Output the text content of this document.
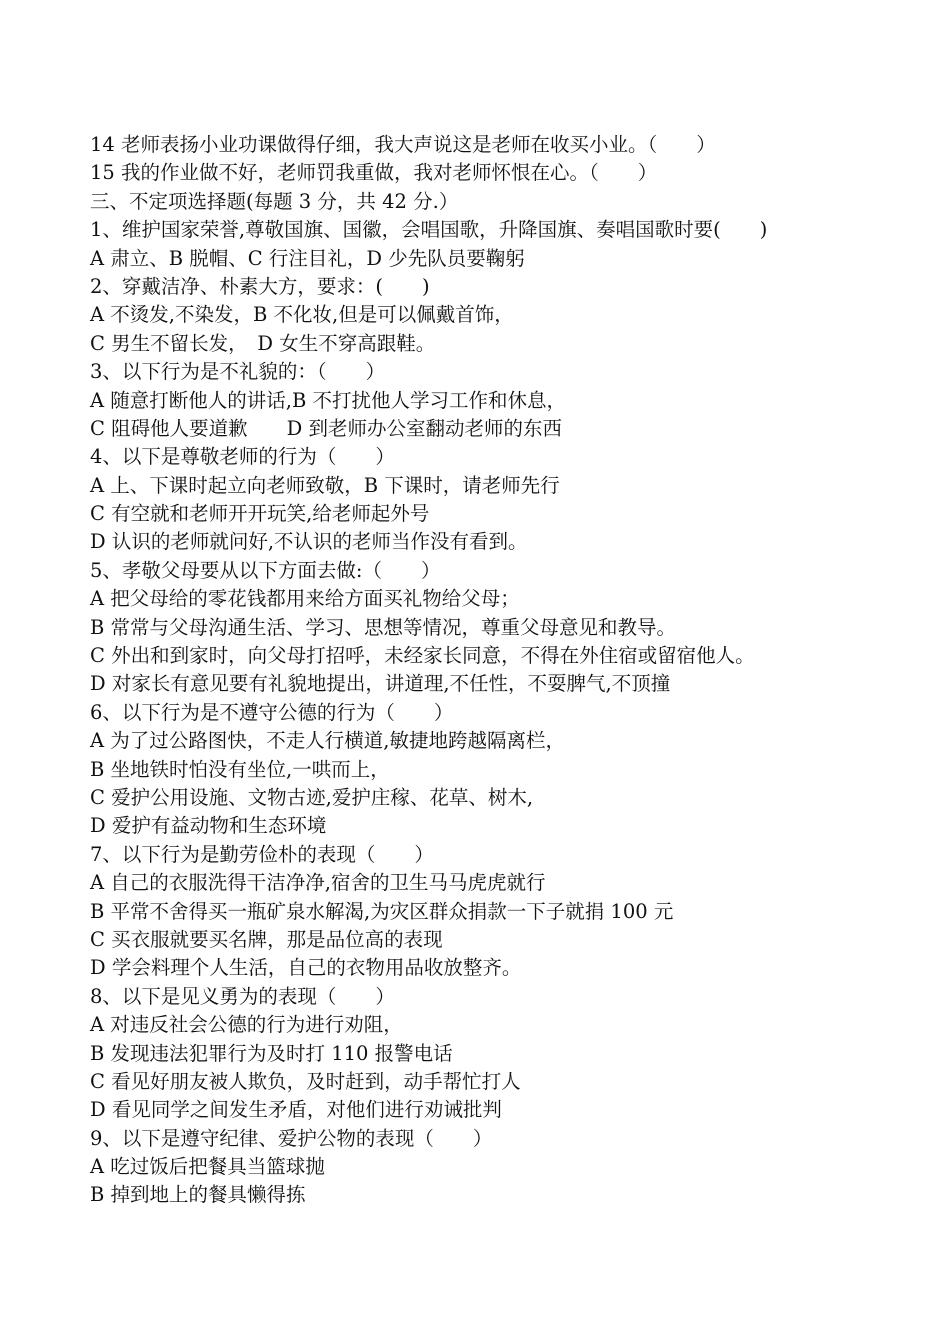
14 老师表扬小业功课做得仔细，我大声说这是老师在收买小业。（　　）
15 我的作业做不好，老师罚我重做，我对老师怀恨在心。（　　）
三、不定项选择题(每题 3 分，共 42 分.）
1、维护国家荣誉,尊敬国旗、国徽，会唱国歌，升降国旗、奏唱国歌时要(　　)
A 肃立、B 脱帽、C 行注目礼，D 少先队员要鞠躬
2、穿戴洁净、朴素大方，要求：(　　)
A 不烫发,不染发，B 不化妆,但是可以佩戴首饰，
C 男生不留长发，　D 女生不穿高跟鞋。
3、以下行为是不礼貌的：（　　）
A 随意打断他人的讲话,B 不打扰他人学习工作和休息，
C 阻碍他人要道歉　　D 到老师办公室翻动老师的东西
4、以下是尊敬老师的行为（　　）
A 上、下课时起立向老师致敬，B 下课时，请老师先行
C 有空就和老师开开玩笑,给老师起外号
D 认识的老师就问好,不认识的老师当作没有看到。
5、孝敬父母要从以下方面去做:（　　）
A 把父母给的零花钱都用来给方面买礼物给父母；
B 常常与父母沟通生活、学习、思想等情况，尊重父母意见和教导。
C 外出和到家时，向父母打招呼，未经家长同意，不得在外住宿或留宿他人。
D 对家长有意见要有礼貌地提出，讲道理,不任性，不耍脾气,不顶撞
6、以下行为是不遵守公德的行为（　　）
A 为了过公路图快，不走人行横道,敏捷地跨越隔离栏，
B 坐地铁时怕没有坐位,一哄而上，
C 爱护公用设施、文物古迹,爱护庄稼、花草、树木,
D 爱护有益动物和生态环境
7、以下行为是勤劳俭朴的表现（　　）
A 自己的衣服洗得干洁净净,宿舍的卫生马马虎虎就行
B 平常不舍得买一瓶矿泉水解渴,为灾区群众捐款一下子就捐 100 元
C 买衣服就要买名牌，那是品位高的表现
D 学会料理个人生活，自己的衣物用品收放整齐。
8、以下是见义勇为的表现（　　）
A 对违反社会公德的行为进行劝阻，
B 发现违法犯罪行为及时打 110 报警电话
C 看见好朋友被人欺负，及时赶到，动手帮忙打人
D 看见同学之间发生矛盾，对他们进行劝诫批判
9、以下是遵守纪律、爱护公物的表现（　　）
A 吃过饭后把餐具当篮球抛
B 掉到地上的餐具懒得拣
